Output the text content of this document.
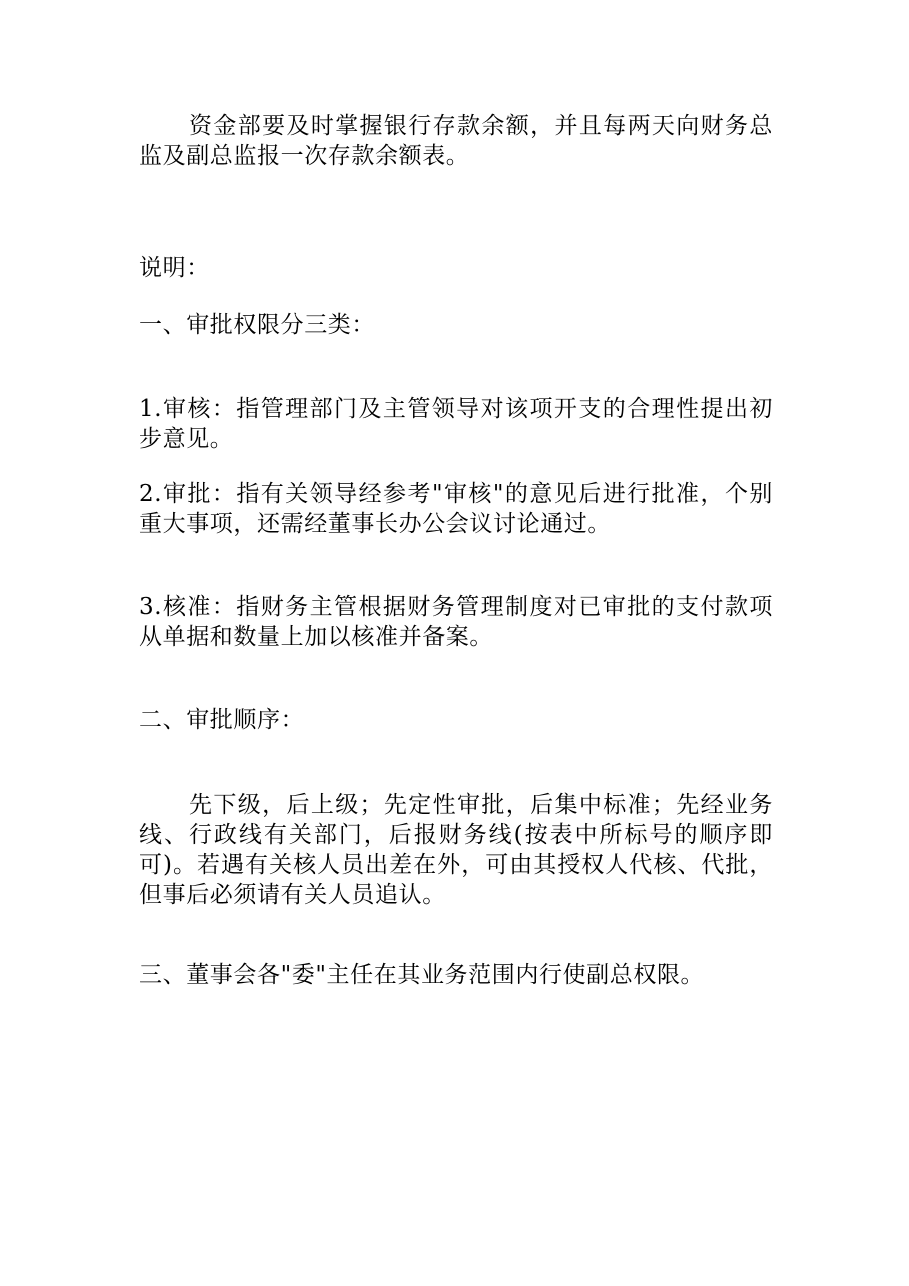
资金部要及时掌握银行存款余额，并且每两天向财务总监及副总监报一次存款余额表。

说明：

一、审批权限分三类：

1.审核：指管理部门及主管领导对该项开支的合理性提出初步意见。

2.审批：指有关领导经参考"审核"的意见后进行批准，个别重大事项，还需经董事长办公会议讨论通过。

3.核准：指财务主管根据财务管理制度对已审批的支付款项从单据和数量上加以核准并备案。

二、审批顺序：

先下级，后上级；先定性审批，后集中标准；先经业务线、行政线有关部门，后报财务线(按表中所标号的顺序即可)。若遇有关核人员出差在外，可由其授权人代核、代批，但事后必须请有关人员追认。

三、董事会各"委"主任在其业务范围内行使副总权限。
